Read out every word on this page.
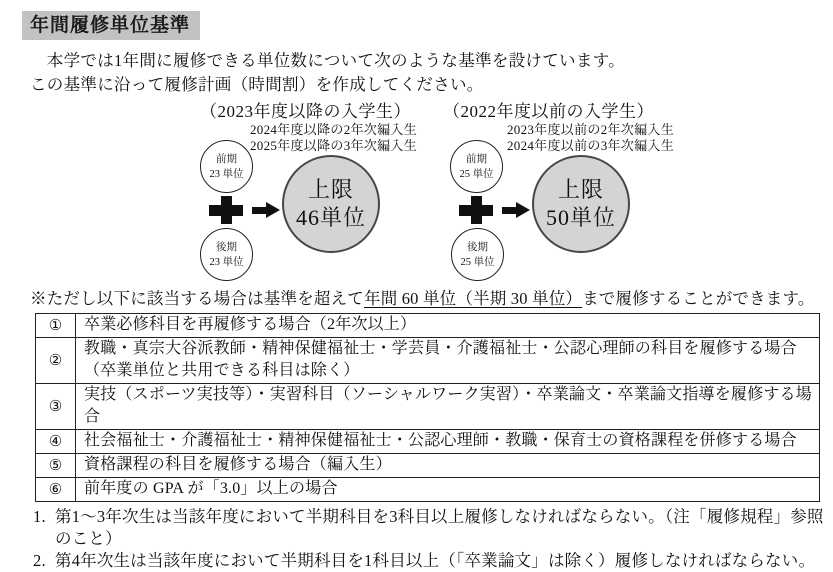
年間履修単位基準
　本学では1年間に履修できる単位数について次のような基準を設けています。
この基準に沿って履修計画（時間割）を作成してください。
（2023年度以降の入学生）
2024年度以降の2年次編入生
2025年度以降の3年次編入生
前期
23 単位
後期
23 単位
上限
46単位
（2022年度以前の入学生）
2023年度以前の2年次編入生
2024年度以前の3年次編入生
前期
25 単位
後期
25 単位
上限
50単位
※ただし以下に該当する場合は基準を超えて年間 60 単位（半期 30 単位）まで履修することができます。
①	卒業必修科目を再履修する場合（2年次以上）
②	教職・真宗大谷派教師・精神保健福祉士・学芸員・介護福祉士・公認心理師の科目を履修する場合（卒業単位と共用できる科目は除く）
③	実技（スポーツ実技等）・実習科目（ソーシャルワーク実習）・卒業論文・卒業論文指導を履修する場合
④	社会福祉士・介護福祉士・精神保健福祉士・公認心理師・教職・保育士の資格課程を併修する場合
⑤	資格課程の科目を履修する場合（編入生）
⑥	前年度の GPA が「3.0」以上の場合
1. 第1～3年次生は当該年度において半期科目を3科目以上履修しなければならない。（注「履修規程」参照のこと）
2. 第4年次生は当該年度において半期科目を1科目以上（「卒業論文」は除く）履修しなければならない。
